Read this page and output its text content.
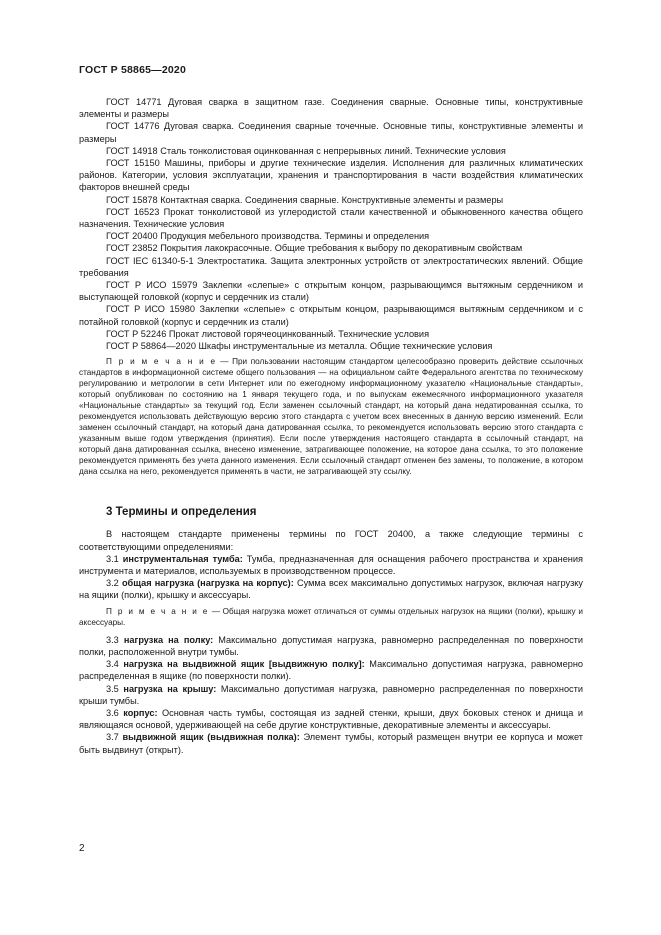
ГОСТ Р 58865—2020

ГОСТ 14771 Дуговая сварка в защитном газе. Соединения сварные. Основные типы, конструктивные элементы и размеры

ГОСТ 14776 Дуговая сварка. Соединения сварные точечные. Основные типы, конструктивные элементы и размеры

ГОСТ 14918 Сталь тонколистовая оцинкованная с непрерывных линий. Технические условия

ГОСТ 15150 Машины, приборы и другие технические изделия. Исполнения для различных климатических районов. Категории, условия эксплуатации, хранения и транспортирования в части воздействия климатических факторов внешней среды

ГОСТ 15878 Контактная сварка. Соединения сварные. Конструктивные элементы и размеры

ГОСТ 16523 Прокат тонколистовой из углеродистой стали качественной и обыкновенного качества общего назначения. Технические условия

ГОСТ 20400 Продукция мебельного производства. Термины и определения

ГОСТ 23852 Покрытия лакокрасочные. Общие требования к выбору по декоративным свойствам

ГОСТ IEC 61340-5-1 Электростатика. Защита электронных устройств от электростатических явлений. Общие требования

ГОСТ Р ИСО 15979 Заклепки «слепые» с открытым концом, разрывающимся вытяжным сердечником и выступающей головкой (корпус и сердечник из стали)

ГОСТ Р ИСО 15980 Заклепки «слепые» с открытым концом, разрывающимся вытяжным сердечником и с потайной головкой (корпус и сердечник из стали)

ГОСТ Р 52246 Прокат листовой горячеоцинкованный. Технические условия

ГОСТ Р 58864—2020 Шкафы инструментальные из металла. Общие технические условия

П р и м е ч а н и е — При пользовании настоящим стандартом целесообразно проверить действие ссылочных стандартов в информационной системе общего пользования — на официальном сайте Федерального агентства по техническому регулированию и метрологии в сети Интернет или по ежегодному информационному указателю «Национальные стандарты», который опубликован по состоянию на 1 января текущего года, и по выпускам ежемесячного информационного указателя «Национальные стандарты» за текущий год. Если заменен ссылочный стандарт, на который дана недатированная ссылка, то рекомендуется использовать действующую версию этого стандарта с учетом всех внесенных в данную версию изменений. Если заменен ссылочный стандарт, на который дана датированная ссылка, то рекомендуется использовать версию этого стандарта с указанным выше годом утверждения (принятия). Если после утверждения настоящего стандарта в ссылочный стандарт, на который дана датированная ссылка, внесено изменение, затрагивающее положение, на которое дана ссылка, то это положение рекомендуется применять без учета данного изменения. Если ссылочный стандарт отменен без замены, то положение, в котором дана ссылка на него, рекомендуется применять в части, не затрагивающей эту ссылку.

3 Термины и определения

В настоящем стандарте применены термины по ГОСТ 20400, а также следующие термины с соответствующими определениями:

3.1 инструментальная тумба: Тумба, предназначенная для оснащения рабочего пространства и хранения инструмента и материалов, используемых в производственном процессе.

3.2 общая нагрузка (нагрузка на корпус): Сумма всех максимально допустимых нагрузок, включая нагрузку на ящики (полки), крышку и аксессуары.

П р и м е ч а н и е — Общая нагрузка может отличаться от суммы отдельных нагрузок на ящики (полки), крышку и аксессуары.

3.3 нагрузка на полку: Максимально допустимая нагрузка, равномерно распределенная по поверхности полки, расположенной внутри тумбы.

3.4 нагрузка на выдвижной ящик [выдвижную полку]: Максимально допустимая нагрузка, равномерно распределенная в ящике (по поверхности полки).

3.5 нагрузка на крышу: Максимально допустимая нагрузка, равномерно распределенная по поверхности крыши тумбы.

3.6 корпус: Основная часть тумбы, состоящая из задней стенки, крыши, двух боковых стенок и днища и являющаяся основой, удерживающей на себе другие конструктивные, декоративные элементы и аксессуары.

3.7 выдвижной ящик (выдвижная полка): Элемент тумбы, который размещен внутри ее корпуса и может быть выдвинут (открыт).

2
